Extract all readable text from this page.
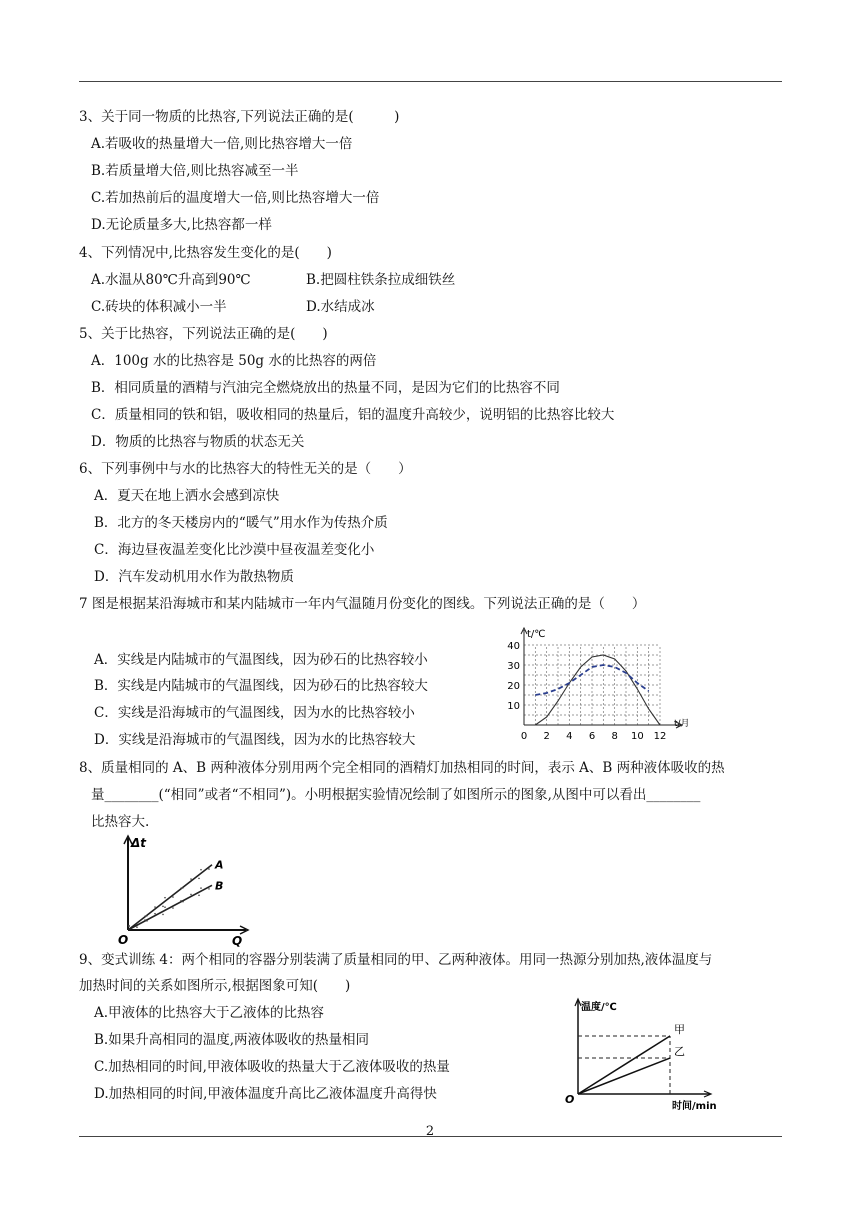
3、关于同一物质的比热容,下列说法正确的是(　　　)
A.若吸收的热量增大一倍,则比热容增大一倍
B.若质量增大倍,则比热容减至一半
C.若加热前后的温度增大一倍,则比热容增大一倍
D.无论质量多大,比热容都一样
4、下列情况中,比热容发生变化的是(　　)
A.水温从80℃升高到90℃	B.把圆柱铁条拉成细铁丝
C.砖块的体积减小一半	D.水结成冰
5、关于比热容，下列说法正确的是(　　)
A．100g 水的比热容是 50g 水的比热容的两倍
B．相同质量的酒精与汽油完全燃烧放出的热量不同，是因为它们的比热容不同
C．质量相同的铁和铝，吸收相同的热量后，铝的温度升高较少，说明铝的比热容比较大
D．物质的比热容与物质的状态无关
6、下列事例中与水的比热容大的特性无关的是（　　）
A．夏天在地上洒水会感到凉快
B．北方的冬天楼房内的“暖气”用水作为传热介质
C．海边昼夜温差变化比沙漠中昼夜温差变化小
D．汽车发动机用水作为散热物质
7 图是根据某沿海城市和某内陆城市一年内气温随月份变化的图线。下列说法正确的是（　　）
A．实线是内陆城市的气温图线，因为砂石的比热容较小
B．实线是内陆城市的气温图线，因为砂石的比热容较大
C．实线是沿海城市的气温图线，因为水的比热容较小
D．实线是沿海城市的气温图线，因为水的比热容较大
t/℃
t/月
0 2 4 6 8 10 12
10
20
30
40
8、质量相同的 A、B 两种液体分别用两个完全相同的酒精灯加热相同的时间，表示 A、B 两种液体吸收的热
量________(“相同”或者“不相同”)。小明根据实验情况绘制了如图所示的图象,从图中可以看出________
比热容大.
Δt
Q
O
A
B
9、变式训练 4：两个相同的容器分别装满了质量相同的甲、乙两种液体。用同一热源分别加热,液体温度与
加热时间的关系如图所示,根据图象可知(　　)
A.甲液体的比热容大于乙液体的比热容
B.如果升高相同的温度,两液体吸收的热量相同
C.加热相同的时间,甲液体吸收的热量大于乙液体吸收的热量
D.加热相同的时间,甲液体温度升高比乙液体温度升高得快
温度/℃
时间/min
O
甲
乙
2
